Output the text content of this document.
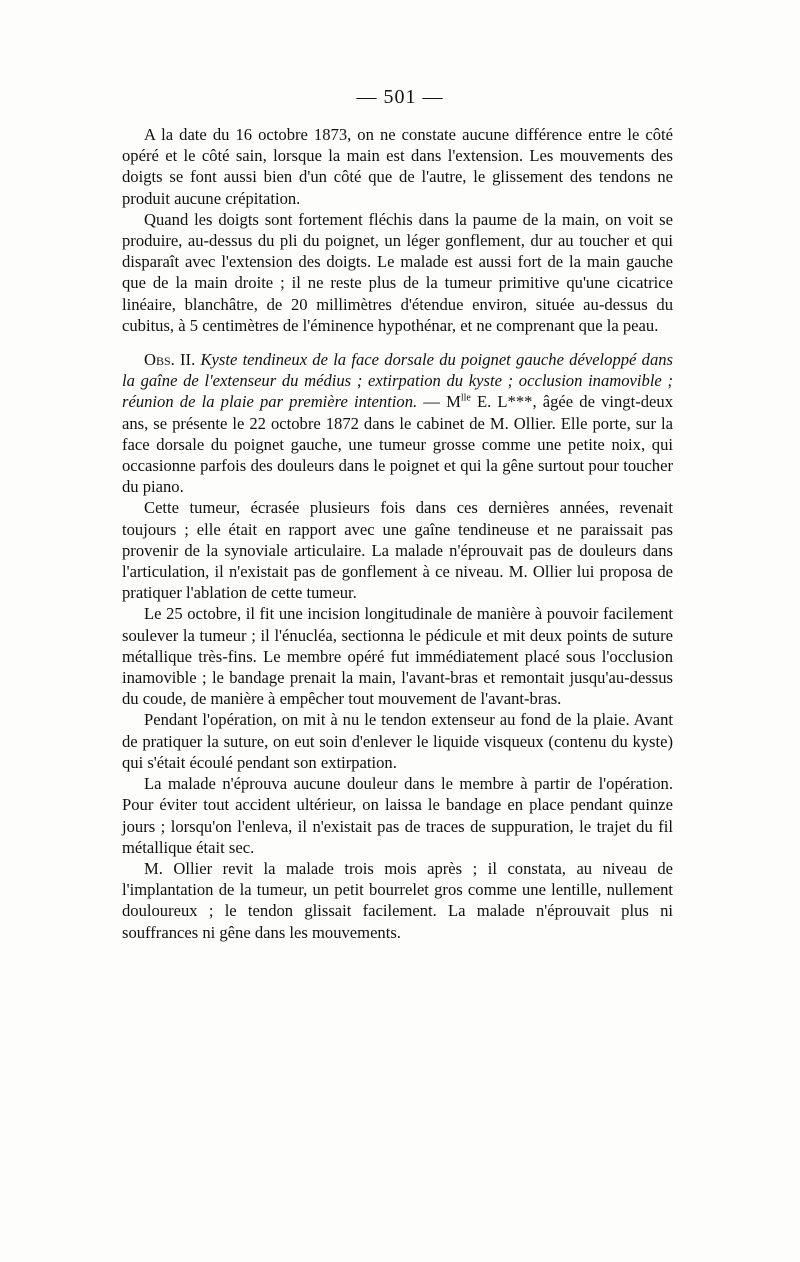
— 501 —

A la date du 16 octobre 1873, on ne constate aucune différence entre le côté opéré et le côté sain, lorsque la main est dans l'extension. Les mouvements des doigts se font aussi bien d'un côté que de l'autre, le glissement des tendons ne produit aucune crépitation.

Quand les doigts sont fortement fléchis dans la paume de la main, on voit se produire, au-dessus du pli du poignet, un léger gonflement, dur au toucher et qui disparaît avec l'extension des doigts. Le malade est aussi fort de la main gauche que de la main droite ; il ne reste plus de la tumeur primitive qu'une cicatrice linéaire, blanchâtre, de 20 millimètres d'étendue environ, située au-dessus du cubitus, à 5 centimètres de l'éminence hypothénar, et ne comprenant que la peau.

Obs. II. Kyste tendineux de la face dorsale du poignet gauche développé dans la gaîne de l'extenseur du médius ; extirpation du kyste ; occlusion inamovible ; réunion de la plaie par première intention. — $M^{lle}$ E. L***, âgée de vingt-deux ans, se présente le 22 octobre 1872 dans le cabinet de M. Ollier. Elle porte, sur la face dorsale du poignet gauche, une tumeur grosse comme une petite noix, qui occasionne parfois des douleurs dans le poignet et qui la gêne surtout pour toucher du piano.

Cette tumeur, écrasée plusieurs fois dans ces dernières années, revenait toujours ; elle était en rapport avec une gaîne tendineuse et ne paraissait pas provenir de la synoviale articulaire. La malade n'éprouvait pas de douleurs dans l'articulation, il n'existait pas de gonflement à ce niveau. M. Ollier lui proposa de pratiquer l'ablation de cette tumeur.

Le 25 octobre, il fit une incision longitudinale de manière à pouvoir facilement soulever la tumeur ; il l'énucléa, sectionna le pédicule et mit deux points de suture métallique très-fins. Le membre opéré fut immédiatement placé sous l'occlusion inamovible ; le bandage prenait la main, l'avant-bras et remontait jusqu'au-dessus du coude, de manière à empêcher tout mouvement de l'avant-bras.

Pendant l'opération, on mit à nu le tendon extenseur au fond de la plaie. Avant de pratiquer la suture, on eut soin d'enlever le liquide visqueux (contenu du kyste) qui s'était écoulé pendant son extirpation.

La malade n'éprouva aucune douleur dans le membre à partir de l'opération. Pour éviter tout accident ultérieur, on laissa le bandage en place pendant quinze jours ; lorsqu'on l'enleva, il n'existait pas de traces de suppuration, le trajet du fil métallique était sec.

M. Ollier revit la malade trois mois après ; il constata, au niveau de l'implantation de la tumeur, un petit bourrelet gros comme une lentille, nullement douloureux ; le tendon glissait facilement. La malade n'éprouvait plus ni souffrances ni gêne dans les mouvements.
